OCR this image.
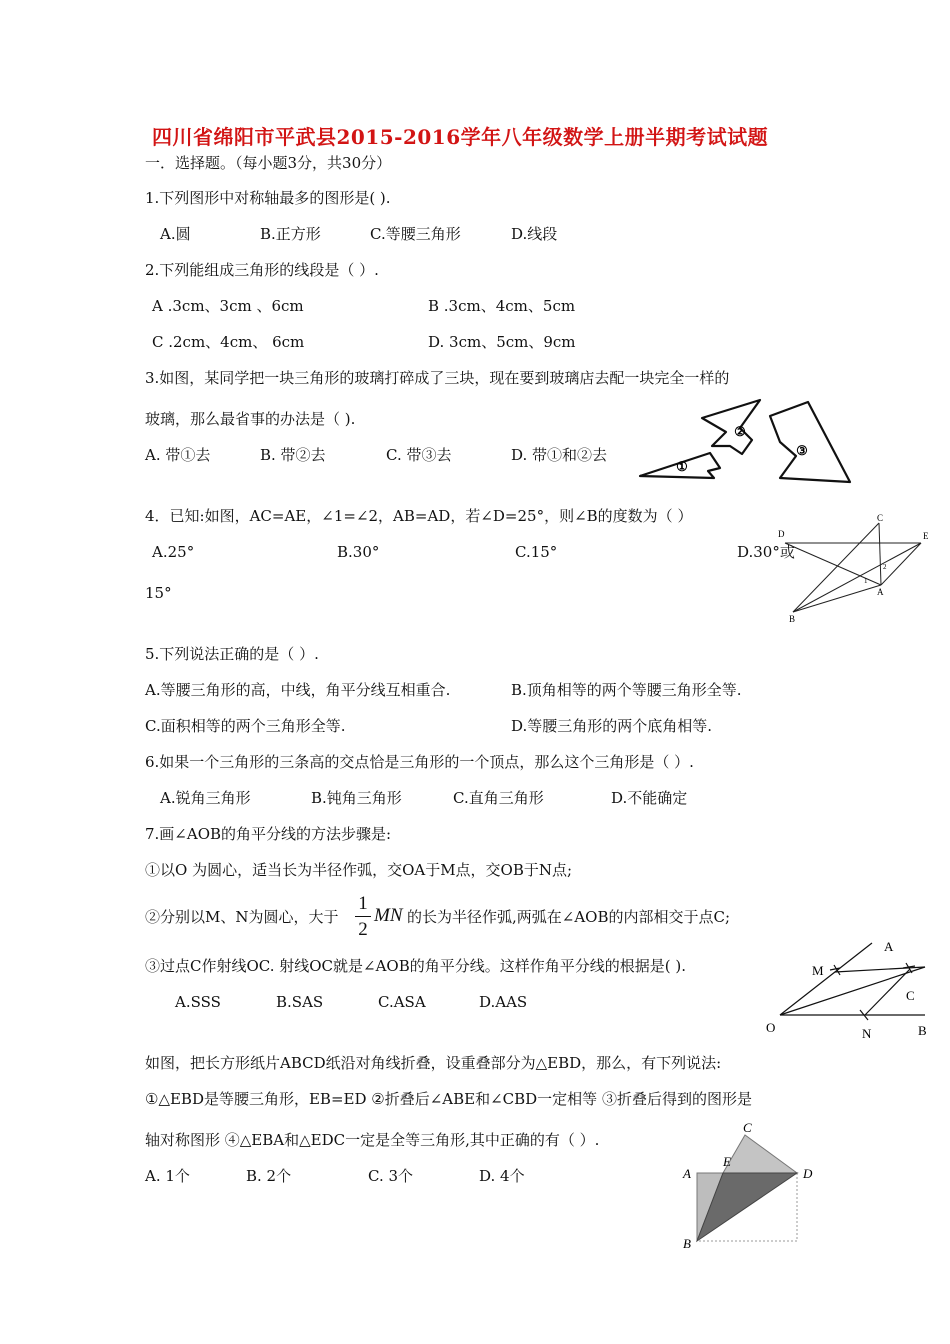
四川省绵阳市平武县2015-2016学年八年级数学上册半期考试试题
一．选择题。（每小题3分，共30分）
1.下列图形中对称轴最多的图形是( ).
A.圆	B.正方形	C.等腰三角形	D.线段
2.下列能组成三角形的线段是（ ）.
A .3cm、3cm 、6cm	B .3cm、4cm、5cm
C .2cm、4cm、 6cm	D. 3cm、5cm、9cm
3.如图，某同学把一块三角形的玻璃打碎成了三块，现在要到玻璃店去配一块完全一样的
玻璃，那么最省事的办法是（ ).
A. 带①去	B. 带②去	C. 带③去	D. 带①和②去
①
②
③
4．已知:如图，AC=AE，∠1=∠2，AB=AD，若∠D=25°，则∠B的度数为（ ）
A.25°	B.30°	C.15°	D.30°或
15°
C
D	E
A
B
1
2
5.下列说法正确的是（ ）.
A.等腰三角形的高，中线，角平分线互相重合.	B.顶角相等的两个等腰三角形全等.
C.面积相等的两个三角形全等.	D.等腰三角形的两个底角相等.
6.如果一个三角形的三条高的交点恰是三角形的一个顶点，那么这个三角形是（ ）.
A.锐角三角形	B.钝角三角形	C.直角三角形	D.不能确定
7.画∠AOB的角平分线的方法步骤是:
①以O 为圆心，适当长为半径作弧，交OA于M点，交OB于N点;
②分别以M、N为圆心，大于
1
2
MN 的长为半径作弧,两弧在∠AOB的内部相交于点C;
③过点C作射线OC. 射线OC就是∠AOB的角平分线。这样作角平分线的根据是( ).
A.SSS	B.SAS	C.ASA	D.AAS
A
M
C
O	N	B
如图，把长方形纸片ABCD纸沿对角线折叠，设重叠部分为△EBD，那么，有下列说法:
①△EBD是等腰三角形，EB=ED ②折叠后∠ABE和∠CBD一定相等 ③折叠后得到的图形是
轴对称图形 ④△EBA和△EDC一定是全等三角形,其中正确的有（ ）.
A. 1个	B. 2个	C. 3个	D. 4个
C
E
A	D
B
